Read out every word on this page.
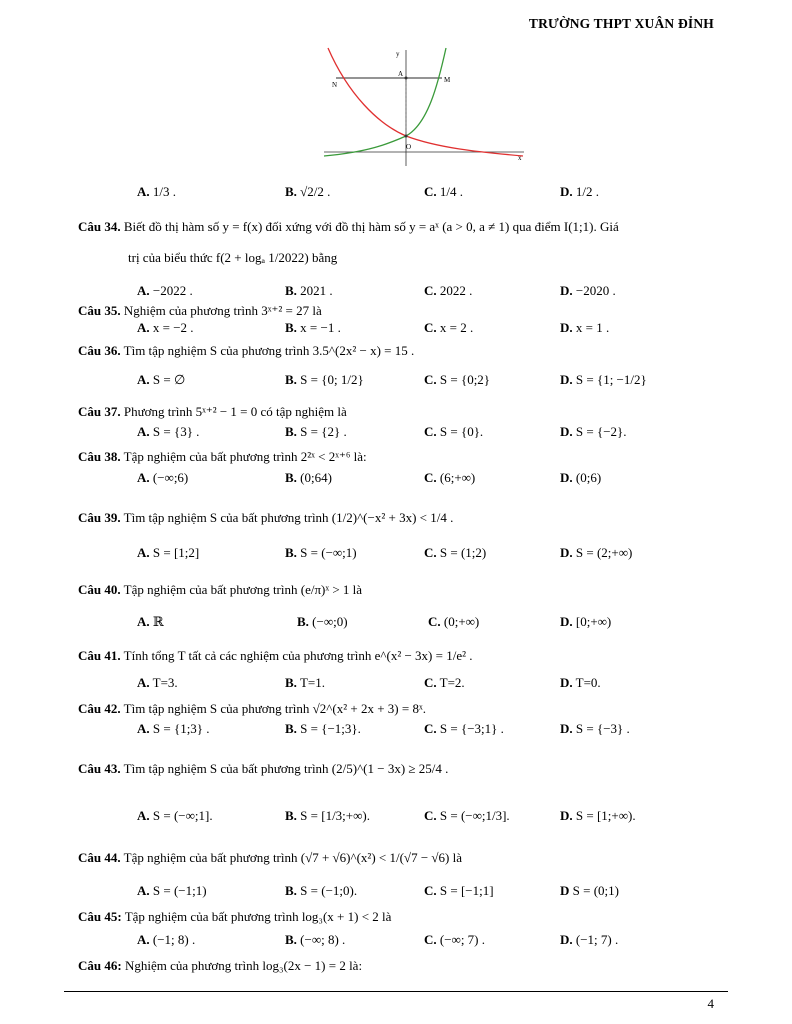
TRƯỜNG THPT XUÂN ĐỈNH
y
x
N
M
A
O
A. 1/3 .	B. √2/2 .	C. 1/4 .	D. 1/2 .
Câu 34. Biết đồ thị hàm số y = f(x) đối xứng với đồ thị hàm số y = aˣ (a > 0, a ≠ 1) qua điểm I(1;1). Giá
trị của biểu thức f(2 + logₐ 1/2022) bằng
A. −2022 .	B. 2021 .	C. 2022 .	D. −2020 .
Câu 35. Nghiệm của phương trình 3ˣ⁺² = 27 là
A. x = −2 .	B. x = −1 .	C. x = 2 .	D. x = 1 .
Câu 36. Tìm tập nghiệm S của phương trình 3.5^(2x² − x) = 15 .
A. S = ∅	B. S = {0; 1/2}	C. S = {0;2}	D. S = {1; −1/2}
Câu 37. Phương trình 5ˣ⁺² − 1 = 0 có tập nghiệm là
A. S = {3} .	B. S = {2} .	C. S = {0}.	D. S = {−2}.
Câu 38. Tập nghiệm của bất phương trình 2²ˣ < 2ˣ⁺⁶ là:
A. (−∞;6)	B. (0;64)	C. (6;+∞)	D. (0;6)
Câu 39. Tìm tập nghiệm S của bất phương trình (1/2)^(−x² + 3x) < 1/4 .
A. S = [1;2]	B. S = (−∞;1)	C. S = (1;2)	D. S = (2;+∞)
Câu 40. Tập nghiệm của bất phương trình (e/π)ˣ > 1 là
A. ℝ	B. (−∞;0)	C. (0;+∞)	D. [0;+∞)
Câu 41. Tính tổng T tất cả các nghiệm của phương trình e^(x² − 3x) = 1/e² .
A. T=3.	B. T=1.	C. T=2.	D. T=0.
Câu 42. Tìm tập nghiệm S của phương trình √2^(x² + 2x + 3) = 8ˣ.
A. S = {1;3} .	B. S = {−1;3}.	C. S = {−3;1} .	D. S = {−3} .
Câu 43. Tìm tập nghiệm S của bất phương trình (2/5)^(1 − 3x) ≥ 25/4 .
A. S = (−∞;1].	B. S = [1/3;+∞).	C. S = (−∞;1/3].	D. S = [1;+∞).
Câu 44. Tập nghiệm của bất phương trình (√7 + √6)^(x²) < 1/(√7 − √6) là
A. S = (−1;1)	B. S = (−1;0).	C. S = [−1;1]	D S = (0;1)
Câu 45: Tập nghiệm của bất phương trình log₃(x + 1) < 2 là
A. (−1; 8) .	B. (−∞; 8) .	C. (−∞; 7) .	D. (−1; 7) .
Câu 46: Nghiệm của phương trình log₃(2x − 1) = 2 là:
4
